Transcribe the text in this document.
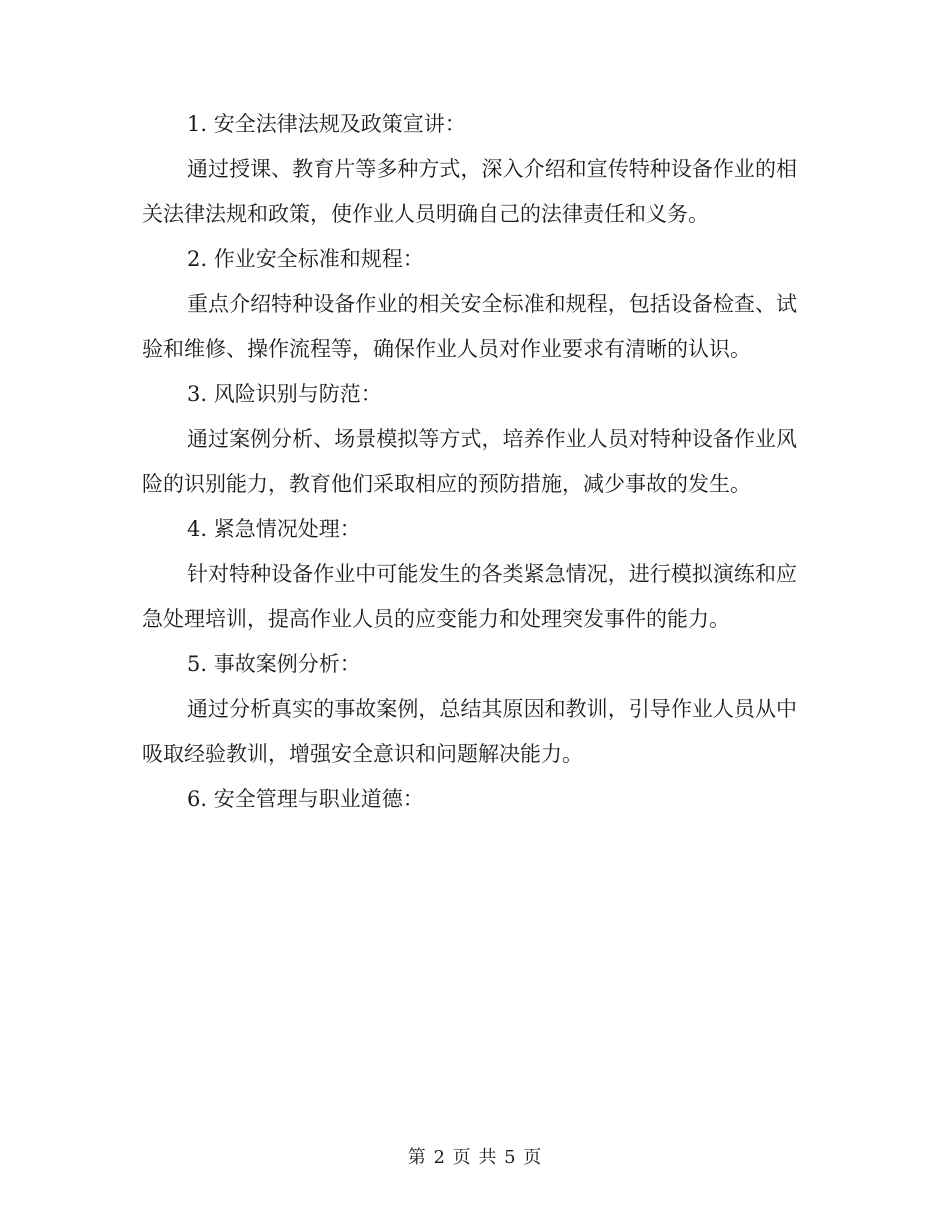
1. 安全法律法规及政策宣讲：

通过授课、教育片等多种方式，深入介绍和宣传特种设备作业的相关法律法规和政策，使作业人员明确自己的法律责任和义务。

2. 作业安全标准和规程：

重点介绍特种设备作业的相关安全标准和规程，包括设备检查、试验和维修、操作流程等，确保作业人员对作业要求有清晰的认识。

3. 风险识别与防范：

通过案例分析、场景模拟等方式，培养作业人员对特种设备作业风险的识别能力，教育他们采取相应的预防措施，减少事故的发生。

4. 紧急情况处理：

针对特种设备作业中可能发生的各类紧急情况，进行模拟演练和应急处理培训，提高作业人员的应变能力和处理突发事件的能力。

5. 事故案例分析：

通过分析真实的事故案例，总结其原因和教训，引导作业人员从中吸取经验教训，增强安全意识和问题解决能力。

6. 安全管理与职业道德：

第 2 页 共 5 页
